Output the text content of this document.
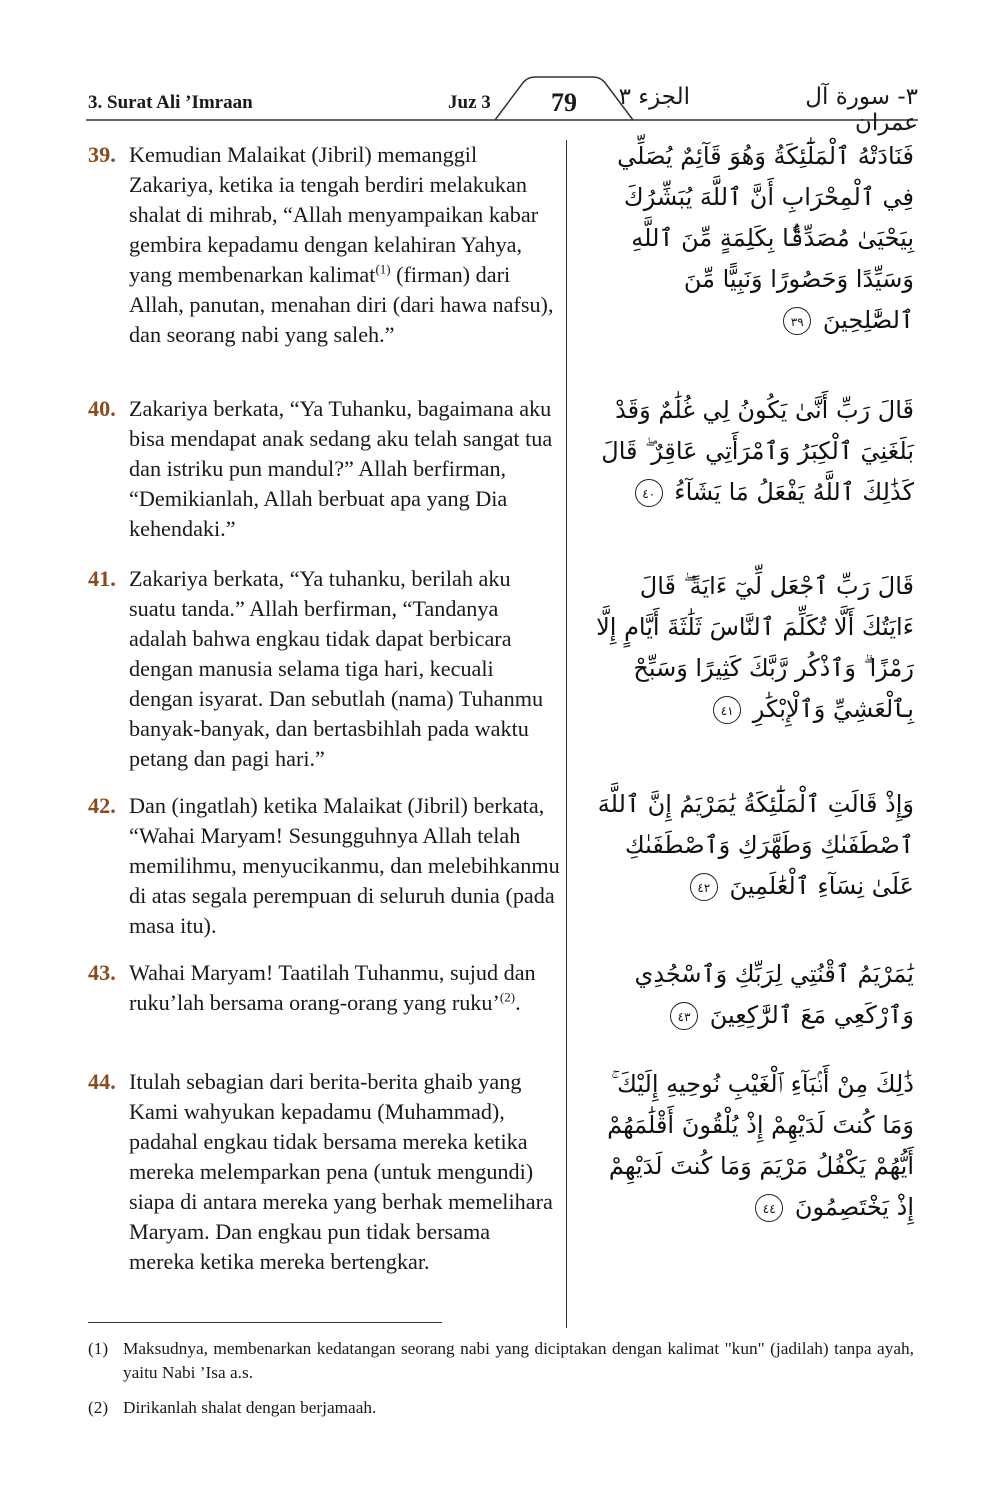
3. Surat Ali ’Imraan	Juz 3	79	الجزء ٣	٣- سورة آل عمران
39. Kemudian Malaikat (Jibril) memanggil Zakariya, ketika ia tengah berdiri melakukan shalat di mihrab, “Allah menyampaikan kabar gembira kepadamu dengan kelahiran Yahya, yang membenarkan kalimat$^{(1)}$ (firman) dari Allah, panutan, menahan diri (dari hawa nafsu), dan seorang nabi yang saleh.”
فَنَادَتْهُ ٱلْمَلَٰٓئِكَةُ وَهُوَ قَآئِمٌ يُصَلِّي فِي ٱلْمِحْرَابِ أَنَّ ٱللَّهَ يُبَشِّرُكَ بِيَحْيَىٰ مُصَدِّقًۢا بِكَلِمَةٍ مِّنَ ٱللَّهِ وَسَيِّدًا وَحَصُورًا وَنَبِيًّا مِّنَ ٱلصَّٰلِحِينَ ٣٩
40. Zakariya berkata, “Ya Tuhanku, bagaimana aku bisa mendapat anak sedang aku telah sangat tua dan istriku pun mandul?” Allah berfirman, “Demikianlah, Allah berbuat apa yang Dia kehendaki.”
قَالَ رَبِّ أَنَّىٰ يَكُونُ لِي غُلَٰمٌ وَقَدْ بَلَغَنِيَ ٱلْكِبَرُ وَٱمْرَأَتِي عَاقِرٌ ۖ قَالَ كَذَٰلِكَ ٱللَّهُ يَفْعَلُ مَا يَشَآءُ ٤٠
41. Zakariya berkata, “Ya tuhanku, berilah aku suatu tanda.” Allah berfirman, “Tandanya adalah bahwa engkau tidak dapat berbicara dengan manusia selama tiga hari, kecuali dengan isyarat. Dan sebutlah (nama) Tuhanmu banyak-banyak, dan bertasbihlah pada waktu petang dan pagi hari.”
قَالَ رَبِّ ٱجْعَل لِّيٓ ءَايَةً ۖ قَالَ ءَايَتُكَ أَلَّا تُكَلِّمَ ٱلنَّاسَ ثَلَٰثَةَ أَيَّامٍ إِلَّا رَمْزًا ۗ وَٱذْكُر رَّبَّكَ كَثِيرًا وَسَبِّحْ بِٱلْعَشِيِّ وَٱلْإِبْكَٰرِ ٤١
42. Dan (ingatlah) ketika Malaikat (Jibril) berkata, “Wahai Maryam! Sesungguhnya Allah telah memilihmu, menyucikanmu, dan melebihkanmu di atas segala perempuan di seluruh dunia (pada masa itu).
وَإِذْ قَالَتِ ٱلْمَلَٰٓئِكَةُ يَٰمَرْيَمُ إِنَّ ٱللَّهَ ٱصْطَفَىٰكِ وَطَهَّرَكِ وَٱصْطَفَىٰكِ عَلَىٰ نِسَآءِ ٱلْعَٰلَمِينَ ٤٢
43. Wahai Maryam! Taatilah Tuhanmu, sujud dan ruku’lah bersama orang-orang yang ruku’$^{(2)}$.
يَٰمَرْيَمُ ٱقْنُتِي لِرَبِّكِ وَٱسْجُدِي وَٱرْكَعِي مَعَ ٱلرَّٰكِعِينَ ٤٣
44. Itulah sebagian dari berita-berita ghaib yang Kami wahyukan kepadamu (Muhammad), padahal engkau tidak bersama mereka ketika mereka melemparkan pena (untuk mengundi) siapa di antara mereka yang berhak memelihara Maryam. Dan engkau pun tidak bersama mereka ketika mereka bertengkar.
ذَٰلِكَ مِنْ أَنۢبَآءِ ٱلْغَيْبِ نُوحِيهِ إِلَيْكَ ۚ وَمَا كُنتَ لَدَيْهِمْ إِذْ يُلْقُونَ أَقْلَٰمَهُمْ أَيُّهُمْ يَكْفُلُ مَرْيَمَ وَمَا كُنتَ لَدَيْهِمْ إِذْ يَخْتَصِمُونَ ٤٤
(1) Maksudnya, membenarkan kedatangan seorang nabi yang diciptakan dengan kalimat "kun" (jadilah) tanpa ayah, yaitu Nabi ’Isa a.s.
(2) Dirikanlah shalat dengan berjamaah.
